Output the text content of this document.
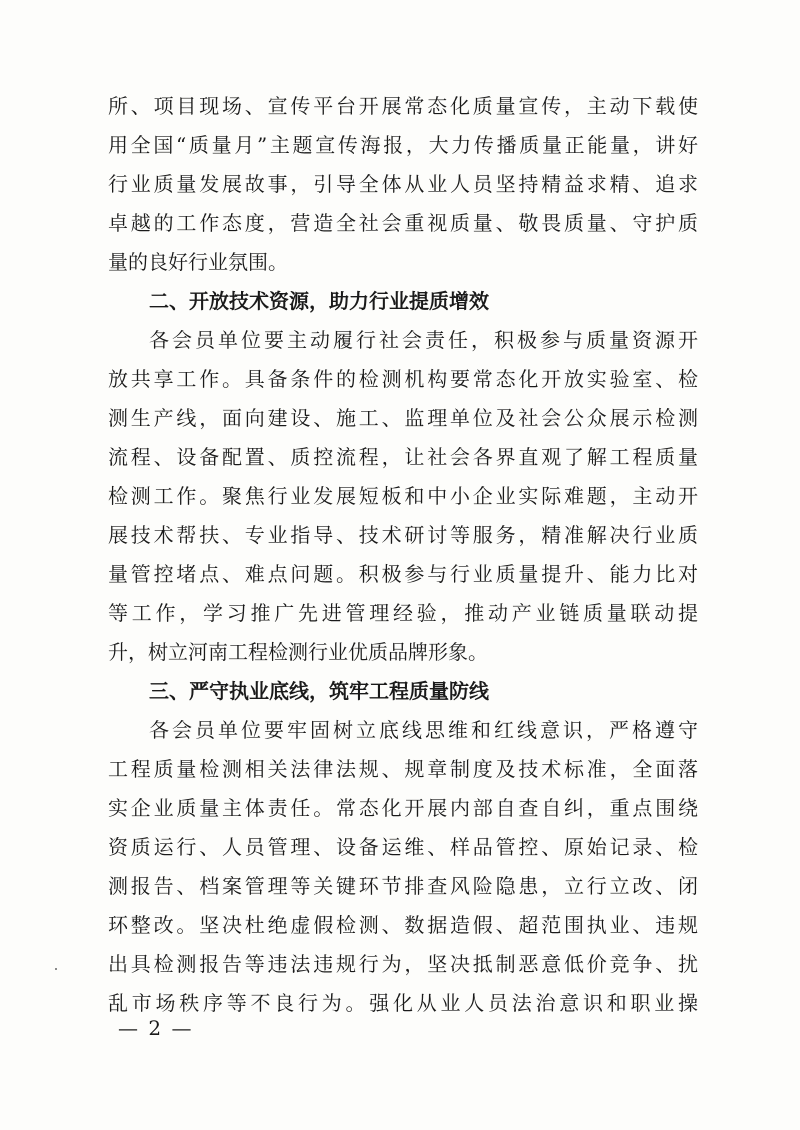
所、项目现场、宣传平台开展常态化质量宣传，主动下载使
用全国“质量月”主题宣传海报，大力传播质量正能量，讲好
行业质量发展故事，引导全体从业人员坚持精益求精、追求
卓越的工作态度，营造全社会重视质量、敬畏质量、守护质
量的良好行业氛围。
二、开放技术资源，助力行业提质增效
各会员单位要主动履行社会责任，积极参与质量资源开
放共享工作。具备条件的检测机构要常态化开放实验室、检
测生产线，面向建设、施工、监理单位及社会公众展示检测
流程、设备配置、质控流程，让社会各界直观了解工程质量
检测工作。聚焦行业发展短板和中小企业实际难题，主动开
展技术帮扶、专业指导、技术研讨等服务，精准解决行业质
量管控堵点、难点问题。积极参与行业质量提升、能力比对
等工作，学习推广先进管理经验，推动产业链质量联动提
升，树立河南工程检测行业优质品牌形象。
三、严守执业底线，筑牢工程质量防线
各会员单位要牢固树立底线思维和红线意识，严格遵守
工程质量检测相关法律法规、规章制度及技术标准，全面落
实企业质量主体责任。常态化开展内部自查自纠，重点围绕
资质运行、人员管理、设备运维、样品管控、原始记录、检
测报告、档案管理等关键环节排查风险隐患，立行立改、闭
环整改。坚决杜绝虚假检测、数据造假、超范围执业、违规
出具检测报告等违法违规行为，坚决抵制恶意低价竞争、扰
乱市场秩序等不良行为。强化从业人员法治意识和职业操
— 2 —
